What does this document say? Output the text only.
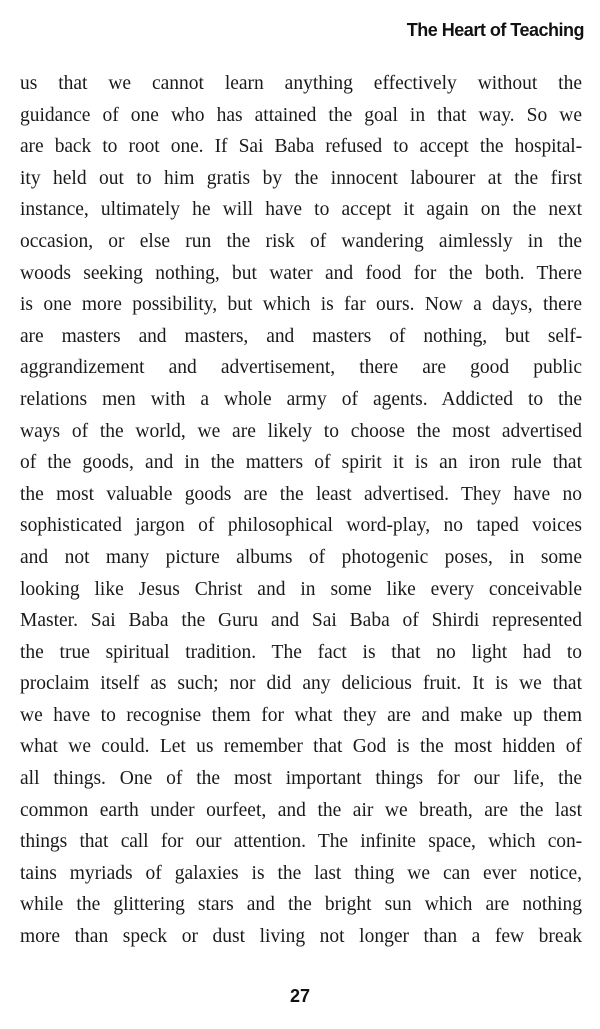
The Heart of Teaching
us that we cannot learn anything effectively without the
guidance of one who has attained the goal in that way. So we
are back to root one. If Sai Baba refused to accept the hospital-
ity held out to him gratis by the innocent labourer at the first
instance, ultimately he will have to accept it again on the next
occasion, or else run the risk of wandering aimlessly in the
woods seeking nothing, but water and food for the both. There
is one more possibility, but which is far ours. Now a days, there
are masters and masters, and masters of nothing, but self-
aggrandizement and advertisement, there are good public
relations men with a whole army of agents. Addicted to the
ways of the world, we are likely to choose the most advertised
of the goods, and in the matters of spirit it is an iron rule that
the most valuable goods are the least advertised. They have no
sophisticated jargon of philosophical word-play, no taped voices
and not many picture albums of photogenic poses, in some
looking like Jesus Christ and in some like every conceivable
Master. Sai Baba the Guru and Sai Baba of Shirdi represented
the true spiritual tradition. The fact is that no light had to
proclaim itself as such; nor did any delicious fruit. It is we that
we have to recognise them for what they are and make up them
what we could. Let us remember that God is the most hidden of
all things. One of the most important things for our life, the
common earth under ourfeet, and the air we breath, are the last
things that call for our attention. The infinite space, which con-
tains myriads of galaxies is the last thing we can ever notice,
while the glittering stars and the bright sun which are nothing
more than speck or dust living not longer than a few break
27
